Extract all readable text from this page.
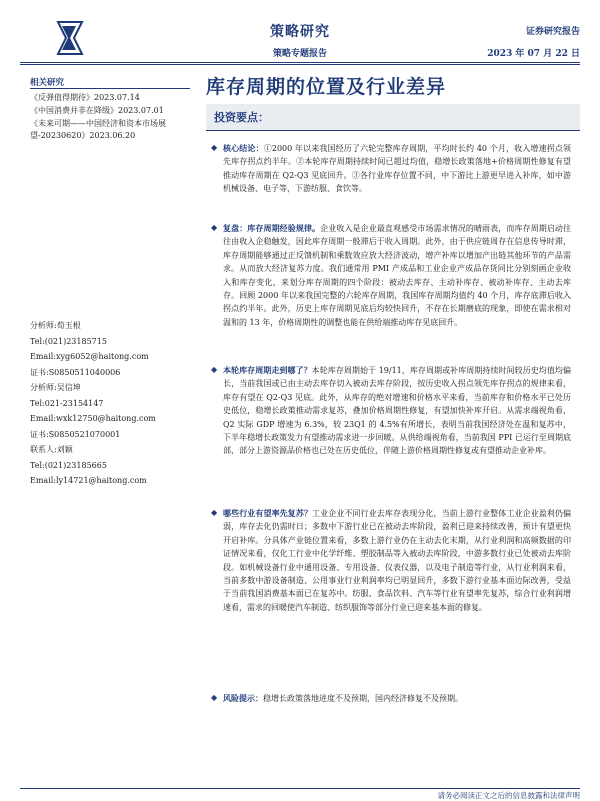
策略研究
策略专题报告
证券研究报告
2023 年 07 月 22 日
相关研究
《反弹值得期待》2023.07.14
《中国消费并非在降级》2023.07.01
《未来可期——中国经济和资本市场展望-20230620》2023.06.20
分析师:荀玉根
Tel:(021)23185715
Email:xyg6052@haitong.com
证书:S0850511040006
分析师:吴信坤
Tel:021-23154147
Email:wxk12750@haitong.com
证书:S0850521070001
联系人:刘颖
Tel:(021)23185665
Email:ly14721@haitong.com
库存周期的位置及行业差异
投资要点：
◆ 核心结论：①2000 年以来我国经历了六轮完整库存周期，平均时长约 40 个月，收入增速拐点领先库存拐点约半年。②本轮库存周期持续时间已超过均值，稳增长政策落地+价格周期性修复有望推动库存周期在 Q2-Q3 见底回升。③各行业库存位置不同，中下游比上游更早进入补库，如中游机械设备、电子等，下游纺服、食饮等。
◆ 复盘：库存周期经验规律。企业收入是企业最直观感受市场需求情况的晴雨表，而库存周期启动往往由收入企稳触发，因此库存周期一般滞后于收入周期。此外，由于供应链周存在信息传导时滞，库存周期能够通过正反馈机制和乘数效应放大经济波动，增产补库以增加产出链其他环节的产品需求。从而放大经济复苏力度。我们通常用 PMI 产成品和工业企业产成品存货同比分别刻画企业收入和库存变化，来划分库存周期的四个阶段：被动去库存、主动补库存、被动补库存、主动去库存。回顾 2000 年以来我国完整的六轮库存周期，我国库存周期均值约 40 个月，库存底滞后收入拐点约半年。此外，历史上库存周期见底后均较快回升，不存在长期磨底的现象，即使在需求相对温和的 13 年，价格周期性的调整也能在供给端推动库存见底回升。
◆ 本轮库存周期走到哪了？本轮库存周期始于 19/11，库存周期或补库周期持续时间较历史均值均偏长，当前我国或已由主动去库存切入被动去库存阶段，按历史收入拐点领先库存拐点的规律来看，库存有望在 Q2-Q3 见底。此外，从库存的绝对增速和价格水平来看，当前库存和价格水平已处历史低位，稳增长政策推动需求复苏，叠加价格周期性修复，有望加快补库开启。从需求端视角看，Q2 实际 GDP 增速为 6.3%，较 23Q1 的 4.5%有所增长，表明当前我国经济处在温和复苏中，下半年稳增长政策发力有望推动需求进一步回暖。从供给端视角看，当前我国 PPI 已运行至周期底部，部分上游资源品价格也已处在历史低位，伴随上游价格周期性修复或有望推动企业补库。
◆ 哪些行业有望率先复苏？工业企业不同行业去库存表现分化，当前上游行业整体工业企业盈利仍偏弱，库存去化仍需时日；多数中下游行业已在被动去库阶段，盈利已迎来持续改善，预计有望更快开启补库。分具体产业链位置来看，多数上游行业仍在主动去化末期，从行业利润和高频数据的印证情况来看，仅化工行业中化学纤维、塑胶制品等入被动去库阶段，中游多数行业已处被动去库阶段。如机械设备行业中通用设备、专用设备、仪表仪器，以及电子制造等行业，从行业利润来看，当前多数中游设备制造、公用事业行业利润率均已明显回升，多数下游行业基本面边际改善，受益于当前我国消费基本面已在复苏中。纺服、食品饮料、汽车等行业有望率先复苏，综合行业利润增速看，需求的回暖使汽车制造、纺织服饰等部分行业已迎来基本面的修复。
◆ 风险提示：稳增长政策落地进度不及预期，国内经济修复不及预期。
请务必阅读正文之后的信息披露和法律声明
